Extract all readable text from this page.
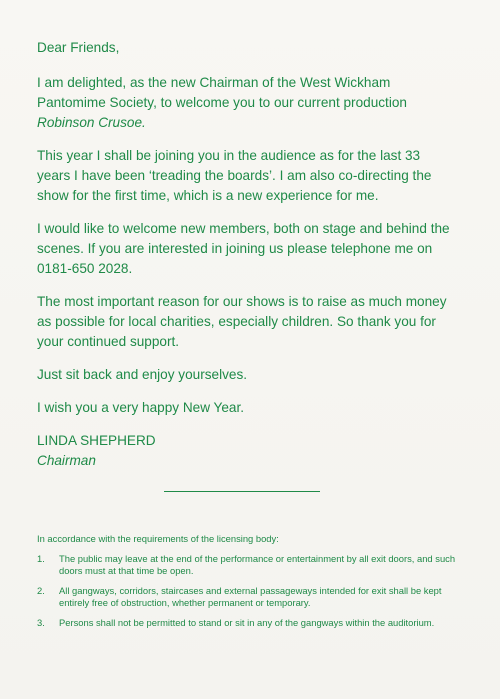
Dear Friends,

I am delighted, as the new Chairman of the West Wickham Pantomime Society, to welcome you to our current production Robinson Crusoe.

This year I shall be joining you in the audience as for the last 33 years I have been ‘treading the boards’. I am also co-directing the show for the first time, which is a new experience for me.

I would like to welcome new members, both on stage and behind the scenes. If you are interested in joining us please telephone me on 0181-650 2028.

The most important reason for our shows is to raise as much money as possible for local charities, especially children. So thank you for your continued support.

Just sit back and enjoy yourselves.

I wish you a very happy New Year.

LINDA SHEPHERD
Chairman
In accordance with the requirements of the licensing body:
1.	The public may leave at the end of the performance or entertainment by all exit doors, and such doors must at that time be open.
2.	All gangways, corridors, staircases and external passageways intended for exit shall be kept entirely free of obstruction, whether permanent or temporary.
3.	Persons shall not be permitted to stand or sit in any of the gangways within the auditorium.
